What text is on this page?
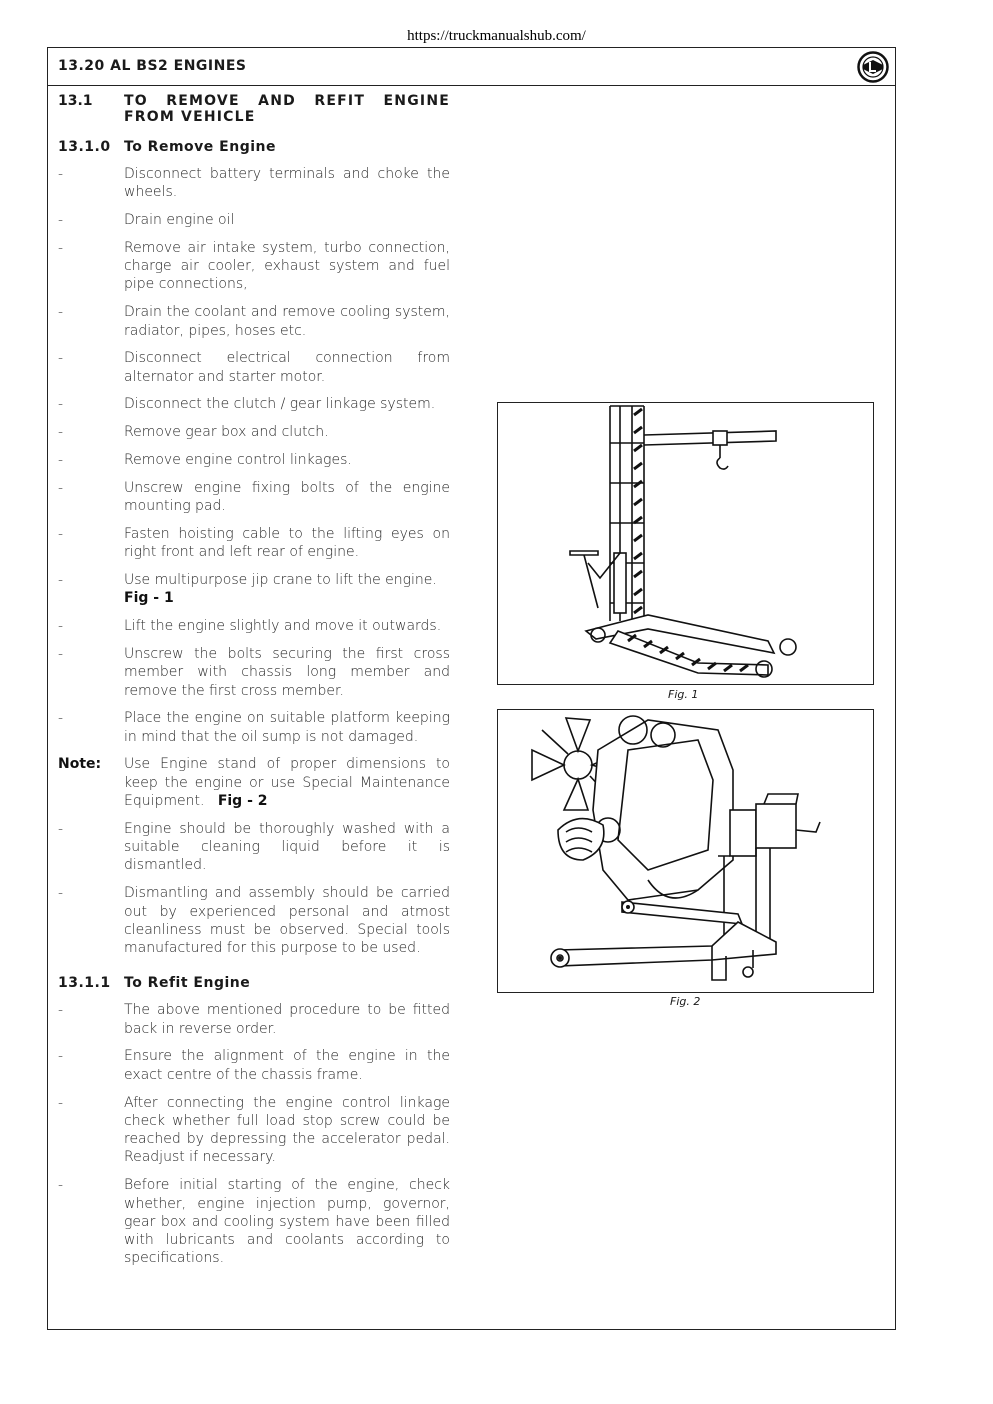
https://truckmanualshub.com/
13.20 AL BS2 ENGINES
13.1	TO REMOVE AND REFIT ENGINE FROM VEHICLE
13.1.0 To Remove Engine
-	Disconnect battery terminals and choke the wheels.
-	Drain engine oil
-	Remove air intake system, turbo connection, charge air cooler, exhaust system and fuel pipe connections,
-	Drain the coolant and remove cooling system, radiator, pipes, hoses etc.
-	Disconnect electrical connection from alternator and starter motor.
-	Disconnect the clutch / gear linkage system.
-	Remove gear box and clutch.
-	Remove engine control linkages.
-	Unscrew engine fixing bolts of the engine mounting pad.
-	Fasten hoisting cable to the lifting eyes on right front and left rear of engine.
-	Use multipurpose jip crane to lift the engine.
Fig - 1
-	Lift the engine slightly and move it outwards.
-	Unscrew the bolts securing the first cross member with chassis long member and remove the first cross member.
-	Place the engine on suitable platform keeping in mind that the oil sump is not damaged.
Note:	Use Engine stand of proper dimensions to keep the engine or use Special Maintenance Equipment. Fig - 2
-	Engine should be thoroughly washed with a suitable cleaning liquid before it is dismantled.
-	Dismantling and assembly should be carried out by experienced personal and atmost cleanliness must be observed. Special tools manufactured for this purpose to be used.
13.1.1 To Refit Engine
-	The above mentioned procedure to be fitted back in reverse order.
-	Ensure the alignment of the engine in the exact centre of the chassis frame.
-	After connecting the engine control linkage check whether full load stop screw could be reached by depressing the accelerator pedal. Readjust if necessary.
-	Before initial starting of the engine, check whether, engine injection pump, governor, gear box and cooling system have been filled with lubricants and coolants according to specifications.
Fig. 1
Fig. 2
